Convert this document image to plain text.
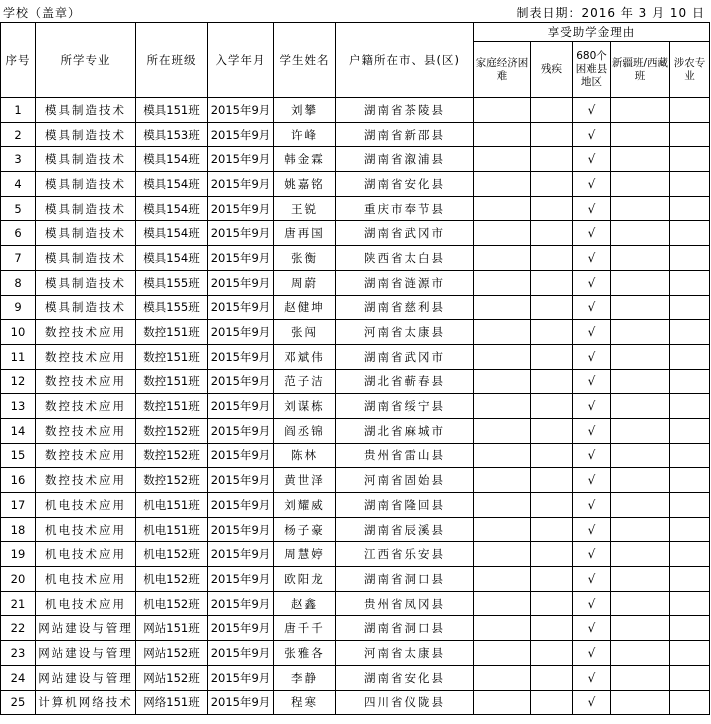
学校（盖章）	制表日期：2016 年 3 月 10 日
序号	所学专业	所在班级	入学年月	学生姓名	户籍所在市、县(区)	享受助学金理由				
						家庭经济困难	残疾	680个困难县地区	新疆班/西藏班	涉农专业
1	模具制造技术	模具151班	2015年9月	刘攀	湖南省茶陵县			√		
2	模具制造技术	模具153班	2015年9月	许峰	湖南省新邵县			√		
3	模具制造技术	模具154班	2015年9月	韩金霖	湖南省溆浦县			√		
4	模具制造技术	模具154班	2015年9月	姚嘉铭	湖南省安化县			√		
5	模具制造技术	模具154班	2015年9月	王锐	重庆市奉节县			√		
6	模具制造技术	模具154班	2015年9月	唐再国	湖南省武冈市			√		
7	模具制造技术	模具154班	2015年9月	张衡	陕西省太白县			√		
8	模具制造技术	模具155班	2015年9月	周蔚	湖南省涟源市			√		
9	模具制造技术	模具155班	2015年9月	赵健坤	湖南省慈利县			√		
10	数控技术应用	数控151班	2015年9月	张闯	河南省太康县			√		
11	数控技术应用	数控151班	2015年9月	邓斌伟	湖南省武冈市			√		
12	数控技术应用	数控151班	2015年9月	范子洁	湖北省蕲春县			√		
13	数控技术应用	数控151班	2015年9月	刘谋栋	湖南省绥宁县			√		
14	数控技术应用	数控152班	2015年9月	阎丞锦	湖北省麻城市			√		
15	数控技术应用	数控152班	2015年9月	陈林	贵州省雷山县			√		
16	数控技术应用	数控152班	2015年9月	黄世泽	河南省固始县			√		
17	机电技术应用	机电151班	2015年9月	刘耀威	湖南省隆回县			√		
18	机电技术应用	机电151班	2015年9月	杨子豪	湖南省辰溪县			√		
19	机电技术应用	机电152班	2015年9月	周慧婷	江西省乐安县			√		
20	机电技术应用	机电152班	2015年9月	欧阳龙	湖南省洞口县			√		
21	机电技术应用	机电152班	2015年9月	赵鑫	贵州省凤冈县			√		
22	网站建设与管理	网站151班	2015年9月	唐千千	湖南省洞口县			√		
23	网站建设与管理	网站152班	2015年9月	张雅各	河南省太康县			√		
24	网站建设与管理	网站152班	2015年9月	李静	湖南省安化县			√		
25	计算机网络技术	网络151班	2015年9月	程寒	四川省仪陇县			√		
